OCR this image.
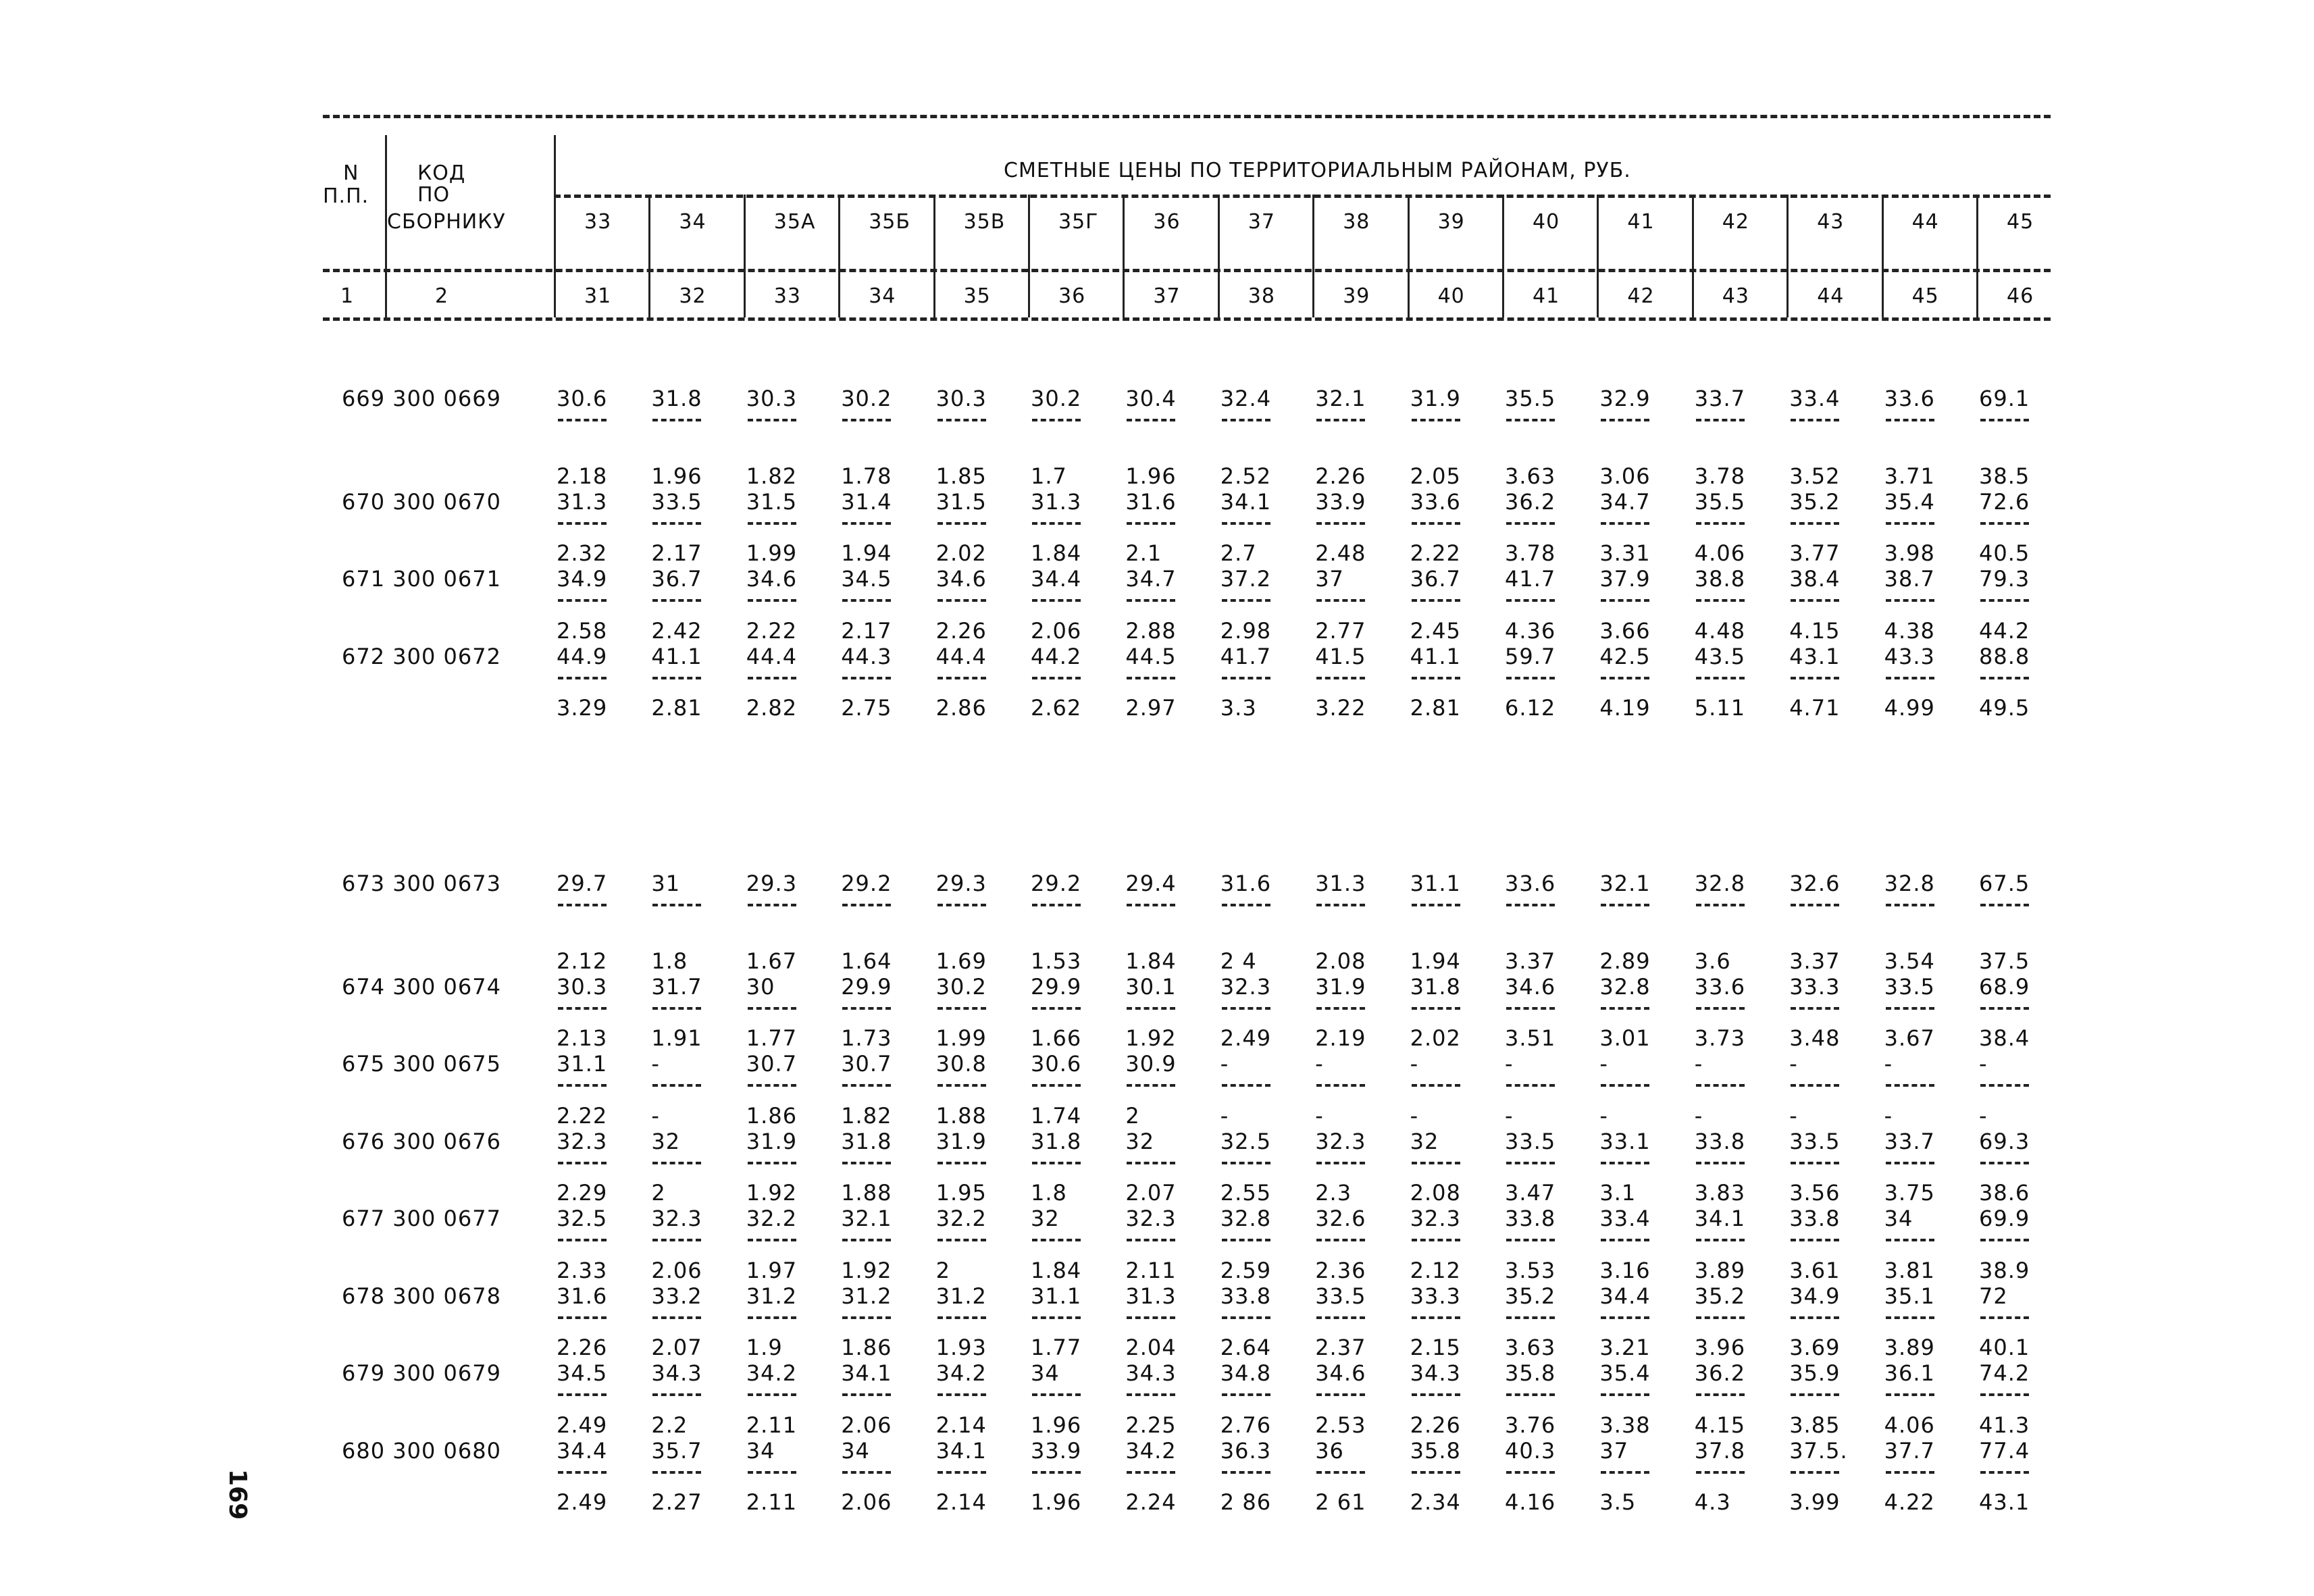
N
П.П.
КОД
ПО
СБОРНИКУ
СМЕТНЫЕ ЦЕНЫ ПО ТЕРРИТОРИАЛЬНЫМ РАЙОНАМ, РУБ.
33	34	35А	35Б	35В	35Г	36	37	38	39	40	41	42	43	44	45
1	2	31	32	33	34	35	36	37	38	39	40	41	42	43	44	45	46
669 300 0669	30.6 31.8 30.3 30.2 30.3 30.2 30.4 32.4 32.1 31.9 35.5 32.9 33.7 33.4 33.6 69.1
670 300 0670
2.18 1.96 1.82 1.78 1.85 1.7	1.96 2.52 2.26 2.05 3.63 3.06 3.78 3.52 3.71 38.5
31.3 33.5 31.5 31.4 31.5 31.3 31.6 34.1 33.9 33.6 36.2 34.7 35.5 35.2 35.4 72.6
671 300 0671
2.32 2.17 1.99 1.94 2.02 1.84 2.1	2.7	2.48 2.22 3.78 3.31 4.06 3.77 3.98 40.5
34.9 36.7 34.6 34.5 34.6 34.4 34.7 37.2 37	36.7 41.7 37.9 38.8 38.4 38.7 79.3
672 300 0672
2.58 2.42 2.22 2.17 2.26 2.06 2.88 2.98 2.77 2.45 4.36 3.66 4.48 4.15 4.38 44.2
44.9 41.1 44.4 44.3 44.4 44.2 44.5 41.7 41.5 41.1 59.7 42.5 43.5 43.1 43.3 88.8
3.29 2.81 2.82 2.75 2.86 2.62 2.97 3.3	3.22 2.81 6.12 4.19 5.11 4.71 4.99 49.5
673 300 0673	29.7 31	29.3 29.2 29.3 29.2 29.4 31.6 31.3 31.1 33.6 32.1 32.8 32.6 32.8 67.5
674 300 0674
2.12 1.8	1.67 1.64 1.69 1.53 1.84 2 4	2.08 1.94 3.37 2.89 3.6	3.37 3.54 37.5
30.3 31.7 30	29.9 30.2 29.9 30.1 32.3 31.9 31.8 34.6 32.8 33.6 33.3 33.5 68.9
675 300 0675
2.13 1.91 1.77 1.73 1.99 1.66 1.92 2.49 2.19 2.02 3.51 3.01 3.73 3.48 3.67 38.4
31.1 -	30.7 30.7 30.8 30.6 30.9 -	-	-	-	-	-	-	-	-
676 300 0676
2.22 -	1.86 1.82 1.88 1.74 2	-	-	-	-	-	-	-	-	-
32.3 32	31.9 31.8 31.9 31.8 32	32.5 32.3 32	33.5 33.1 33.8 33.5 33.7 69.3
677 300 0677
2.29 2	1.92 1.88 1.95 1.8	2.07 2.55 2.3	2.08 3.47 3.1	3.83 3.56 3.75 38.6
32.5 32.3 32.2 32.1 32.2 32	32.3 32.8 32.6 32.3 33.8 33.4 34.1 33.8 34	69.9
678 300 0678
2.33 2.06 1.97 1.92 2	1.84 2.11 2.59 2.36 2.12 3.53 3.16 3.89 3.61 3.81 38.9
31.6 33.2 31.2 31.2 31.2 31.1 31.3 33.8 33.5 33.3 35.2 34.4 35.2 34.9 35.1 72
679 300 0679
2.26 2.07 1.9	1.86 1.93 1.77 2.04 2.64 2.37 2.15 3.63 3.21 3.96 3.69 3.89 40.1
34.5 34.3 34.2 34.1 34.2 34	34.3 34.8 34.6 34.3 35.8 35.4 36.2 35.9 36.1 74.2
680 300 0680
2.49 2.2	2.11 2.06 2.14 1.96 2.25 2.76 2.53 2.26 3.76 3.38 4.15 3.85 4.06 41.3
34.4 35.7 34	34	34.1 33.9 34.2 36.3 36	35.8 40.3 37	37.8 37.5. 37.7 77.4
2.49 2.27 2.11 2.06 2.14 1.96 2.24 2 86 2 61 2.34 4.16 3.5	4.3	3.99 4.22 43.1
169
